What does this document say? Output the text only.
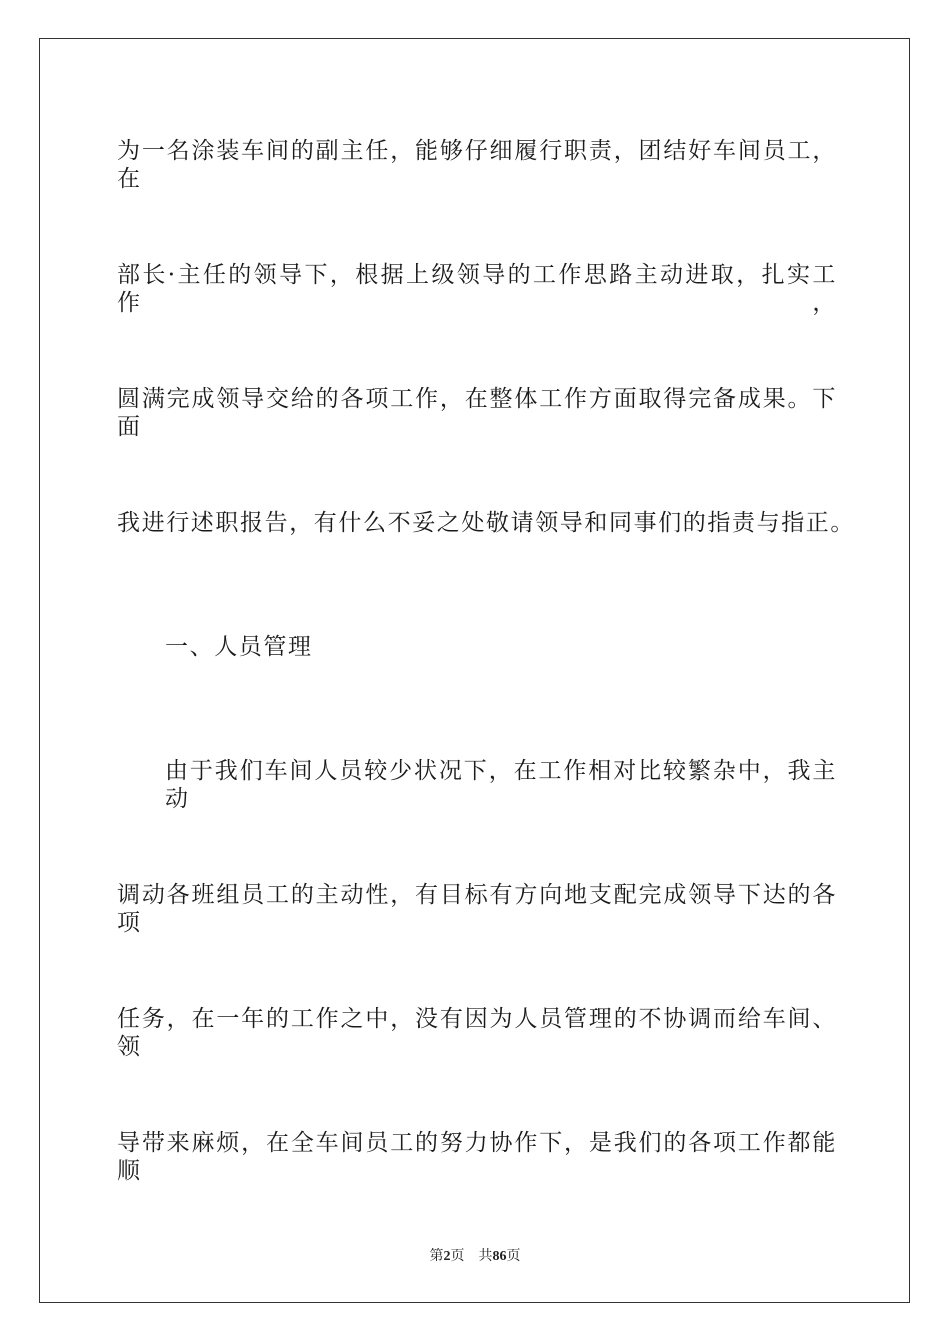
为一名涂装车间的副主任，能够仔细履行职责，团结好车间员工，在
部长·主任的领导下，根据上级领导的工作思路主动进取，扎实工作，
圆满完成领导交给的各项工作，在整体工作方面取得完备成果。下面
我进行述职报告，有什么不妥之处敬请领导和同事们的指责与指正。
一、人员管理
由于我们车间人员较少状况下，在工作相对比较繁杂中，我主动
调动各班组员工的主动性，有目标有方向地支配完成领导下达的各项
任务，在一年的工作之中，没有因为人员管理的不协调而给车间、领
导带来麻烦，在全车间员工的努力协作下，是我们的各项工作都能顺
第2页 共86页
